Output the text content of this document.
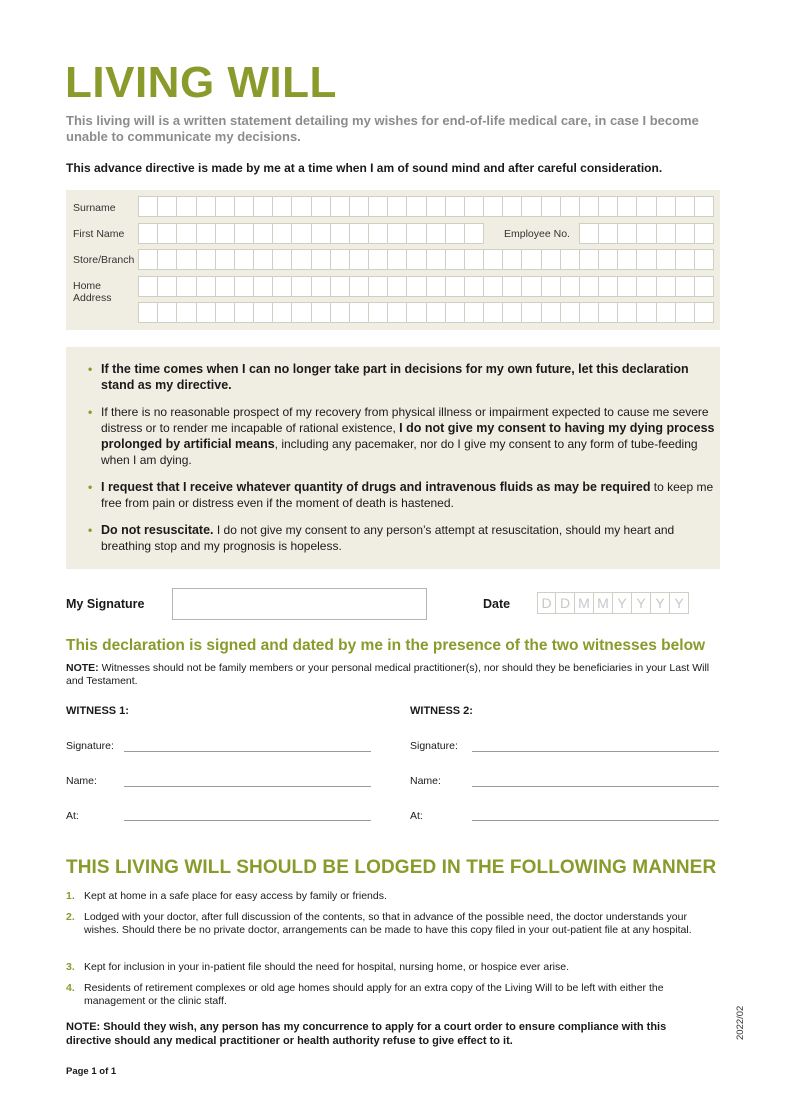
LIVING WILL
This living will is a written statement detailing my wishes for end-of-life medical care, in case I become unable to communicate my decisions.
This advance directive is made by me at a time when I am of sound mind and after careful consideration.
Surname
First Name	Employee No.
Store/Branch
Home
Address
• If the time comes when I can no longer take part in decisions for my own future, let this declaration stand as my directive.
• If there is no reasonable prospect of my recovery from physical illness or impairment expected to cause me severe distress or to render me incapable of rational existence, I do not give my consent to having my dying process prolonged by artificial means, including any pacemaker, nor do I give my consent to any form of tube-feeding when I am dying.
• I request that I receive whatever quantity of drugs and intravenous fluids as may be required to keep me free from pain or distress even if the moment of death is hastened.
• Do not resuscitate. I do not give my consent to any person’s attempt at resuscitation, should my heart and breathing stop and my prognosis is hopeless.
My Signature	Date	D D M M Y Y Y Y
This declaration is signed and dated by me in the presence of the two witnesses below
NOTE: Witnesses should not be family members or your personal medical practitioner(s), nor should they be beneficiaries in your Last Will and Testament.
WITNESS 1:
Signature:
Name:
At:
WITNESS 2:
Signature:
Name:
At:
THIS LIVING WILL SHOULD BE LODGED IN THE FOLLOWING MANNER
1. Kept at home in a safe place for easy access by family or friends.
2. Lodged with your doctor, after full discussion of the contents, so that in advance of the possible need, the doctor understands your wishes. Should there be no private doctor, arrangements can be made to have this copy filed in your out-patient file at any hospital.
3. Kept for inclusion in your in-patient file should the need for hospital, nursing home, or hospice ever arise.
4. Residents of retirement complexes or old age homes should apply for an extra copy of the Living Will to be left with either the management or the clinic staff.
NOTE: Should they wish, any person has my concurrence to apply for a court order to ensure compliance with this directive should any medical practitioner or health authority refuse to give effect to it.
Page 1 of 1
2022/02
